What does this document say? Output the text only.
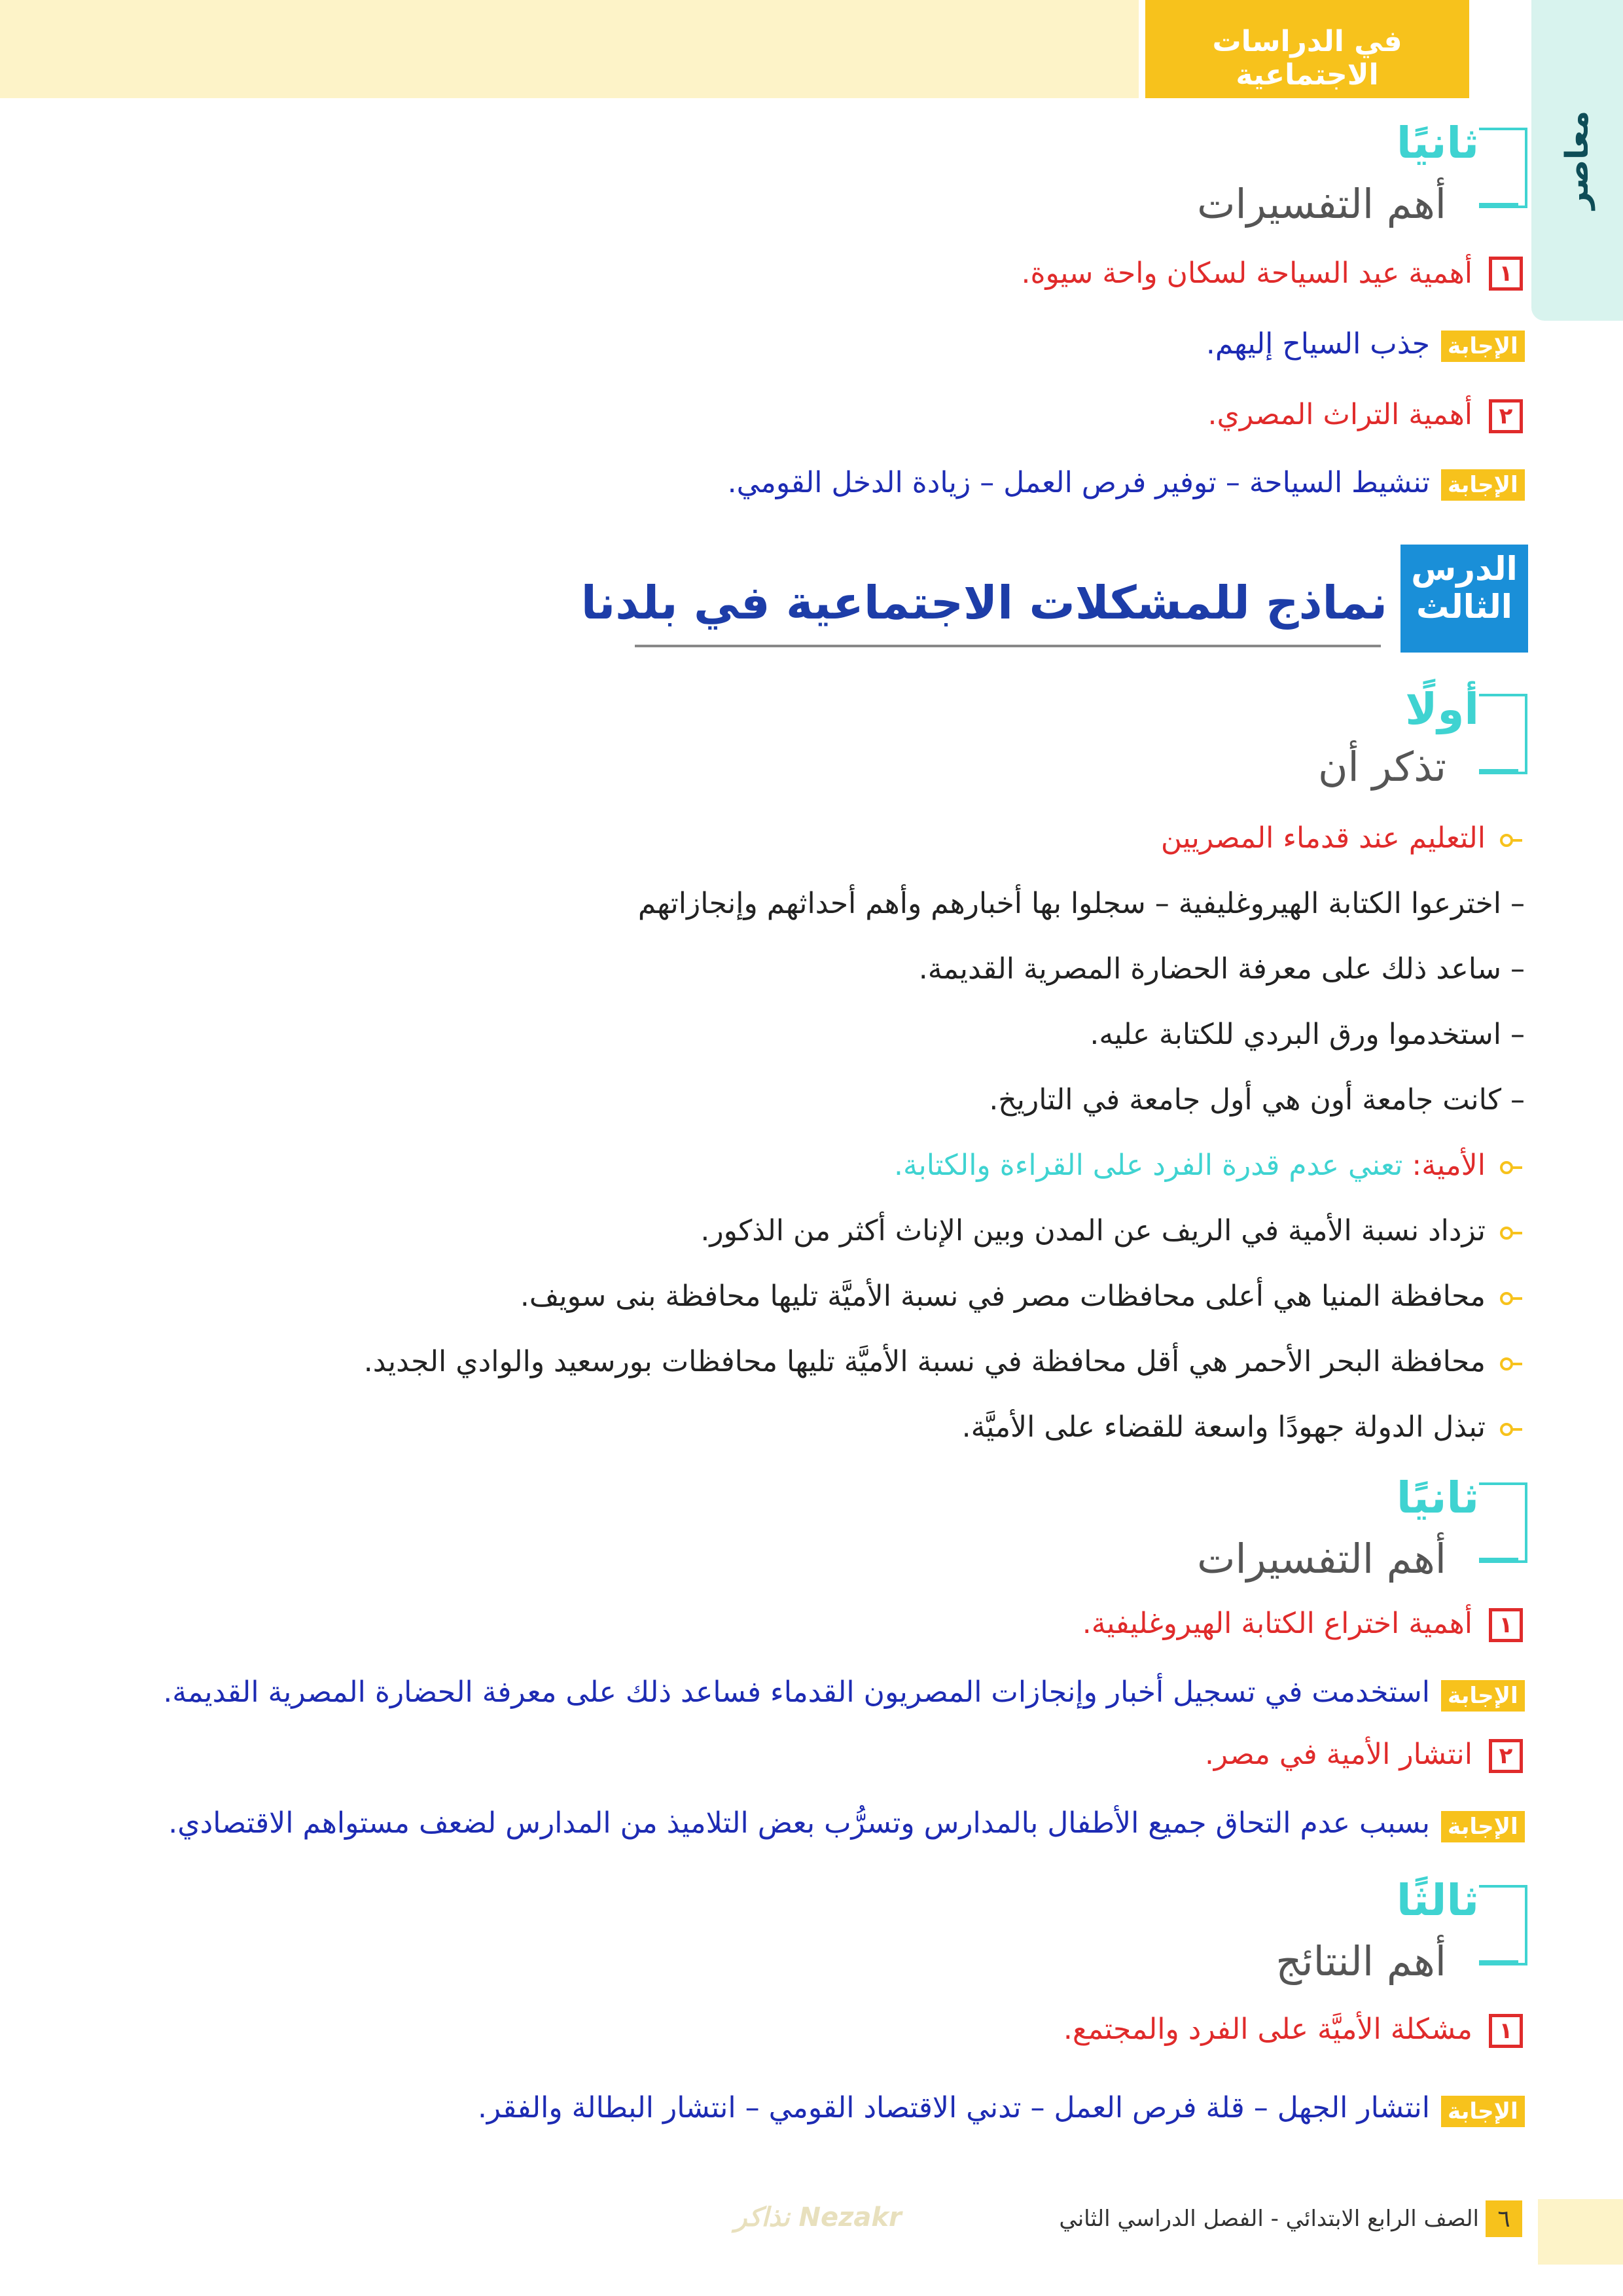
في الدراسات الاجتماعية
معاصر
ثانيًا
أهم التفسيرات
١
أهمية عيد السياحة لسكان واحة سيوة.
الإجابة
جذب السياح إليهم.
٢
أهمية التراث المصري.
الإجابة
تنشيط السياحة – توفير فرص العمل – زيادة الدخل القومي.
الدرس
الثالث
نماذج للمشكلات الاجتماعية في بلدنا
أولًا
تذكر أن
التعليم عند قدماء المصريين
– اخترعوا الكتابة الهيروغليفية – سجلوا بها أخبارهم وأهم أحداثهم وإنجازاتهم
– ساعد ذلك على معرفة الحضارة المصرية القديمة.
– استخدموا ورق البردي للكتابة عليه.
– كانت جامعة أون هي أول جامعة في التاريخ.
الأمية: تعني عدم قدرة الفرد على القراءة والكتابة.
تزداد نسبة الأمية في الريف عن المدن وبين الإناث أكثر من الذكور.
محافظة المنيا هي أعلى محافظات مصر في نسبة الأميَّة تليها محافظة بنى سويف.
محافظة البحر الأحمر هي أقل محافظة في نسبة الأميَّة تليها محافظات بورسعيد والوادي الجديد.
تبذل الدولة جهودًا واسعة للقضاء على الأميَّة.
ثانيًا
أهم التفسيرات
١
أهمية اختراع الكتابة الهيروغليفية.
الإجابة
استخدمت في تسجيل أخبار وإنجازات المصريون القدماء فساعد ذلك على معرفة الحضارة المصرية القديمة.
٢
انتشار الأمية في مصر.
الإجابة
بسبب عدم التحاق جميع الأطفال بالمدارس وتسرُّب بعض التلاميذ من المدارس لضعف مستواهم الاقتصادي.
ثالثًا
أهم النتائج
١
مشكلة الأميَّة على الفرد والمجتمع.
الإجابة
انتشار الجهل – قلة فرص العمل – تدني الاقتصاد القومي – انتشار البطالة والفقر.
٦
الصف الرابع الابتدائي - الفصل الدراسي الثاني
Nezakr نذاكر
